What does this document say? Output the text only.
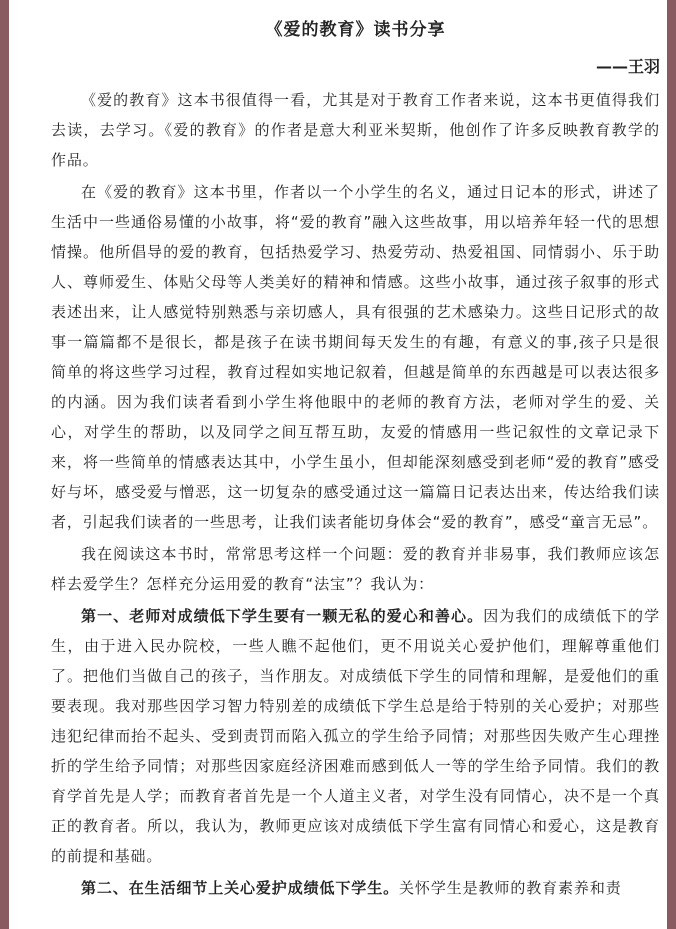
《爱的教育》读书分享
——王羽

《爱的教育》这本书很值得一看，尤其是对于教育工作者来说，这本书更值得我们去读，去学习。《爱的教育》的作者是意大利亚米契斯，他创作了许多反映教育教学的作品。

在《爱的教育》这本书里，作者以一个小学生的名义，通过日记本的形式，讲述了生活中一些通俗易懂的小故事，将“爱的教育”融入这些故事，用以培养年轻一代的思想情操。他所倡导的爱的教育，包括热爱学习、热爱劳动、热爱祖国、同情弱小、乐于助人、尊师爱生、体贴父母等人类美好的精神和情感。这些小故事，通过孩子叙事的形式表述出来，让人感觉特别熟悉与亲切感人，具有很强的艺术感染力。这些日记形式的故事一篇篇都不是很长，都是孩子在读书期间每天发生的有趣，有意义的事,孩子只是很简单的将这些学习过程，教育过程如实地记叙着，但越是简单的东西越是可以表达很多的内涵。因为我们读者看到小学生将他眼中的老师的教育方法，老师对学生的爱、关心，对学生的帮助，以及同学之间互帮互助，友爱的情感用一些记叙性的文章记录下来，将一些简单的情感表达其中，小学生虽小，但却能深刻感受到老师“爱的教育”感受好与坏，感受爱与憎恶，这一切复杂的感受通过这一篇篇日记表达出来，传达给我们读者，引起我们读者的一些思考，让我们读者能切身体会“爱的教育”，感受“童言无忌”。

我在阅读这本书时，常常思考这样一个问题：爱的教育并非易事，我们教师应该怎样去爱学生？怎样充分运用爱的教育“法宝”？我认为：

第一、老师对成绩低下学生要有一颗无私的爱心和善心。因为我们的成绩低下的学生，由于进入民办院校，一些人瞧不起他们，更不用说关心爱护他们，理解尊重他们了。把他们当做自己的孩子，当作朋友。对成绩低下学生的同情和理解，是爱他们的重要表现。我对那些因学习智力特别差的成绩低下学生总是给于特别的关心爱护；对那些违犯纪律而抬不起头、受到责罚而陷入孤立的学生给予同情；对那些因失败产生心理挫折的学生给予同情；对那些因家庭经济困难而感到低人一等的学生给予同情。我们的教育学首先是人学；而教育者首先是一个人道主义者，对学生没有同情心，决不是一个真正的教育者。所以，我认为，教师更应该对成绩低下学生富有同情心和爱心，这是教育的前提和基础。

第二、在生活细节上关心爱护成绩低下学生。关怀学生是教师的教育素养和责
